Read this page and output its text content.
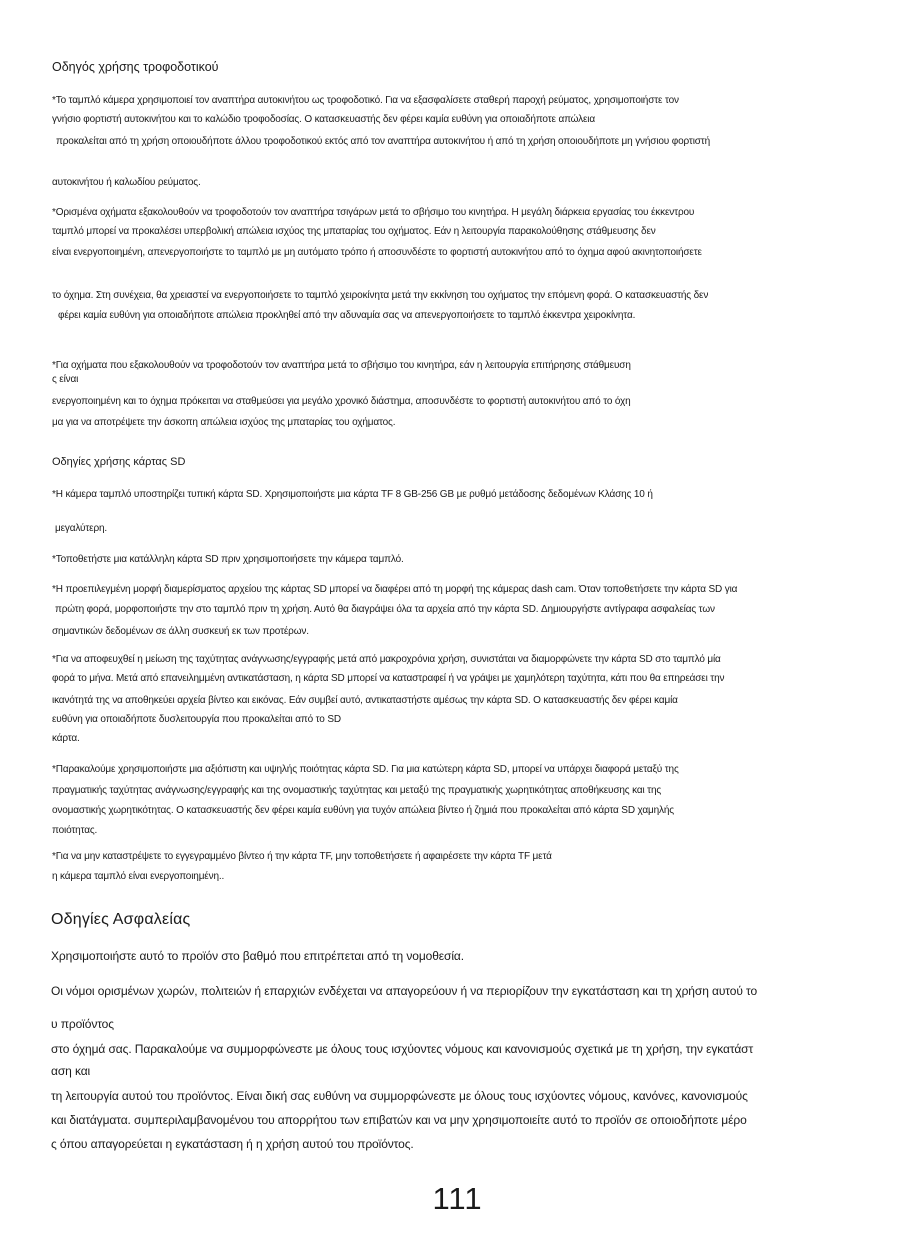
Οδηγός χρήσης τροφοδοτικού
*Το ταμπλό κάμερα χρησιμοποιεί τον αναπτήρα αυτοκινήτου ως τροφοδοτικό. Για να εξασφαλίσετε σταθερή παροχή ρεύματος, χρησιμοποιήστε τον
γνήσιο φορτιστή αυτοκινήτου και το καλώδιο τροφοδοσίας. Ο κατασκευαστής δεν φέρει καμία ευθύνη για οποιαδήποτε απώλεια
προκαλείται από τη χρήση οποιουδήποτε άλλου τροφοδοτικού εκτός από τον αναπτήρα αυτοκινήτου ή από τη χρήση οποιουδήποτε μη γνήσιου φορτιστή
αυτοκινήτου ή καλωδίου ρεύματος.
*Ορισμένα οχήματα εξακολουθούν να τροφοδοτούν τον αναπτήρα τσιγάρων μετά το σβήσιμο του κινητήρα. Η μεγάλη διάρκεια εργασίας του έκκεντρου
ταμπλό μπορεί να προκαλέσει υπερβολική απώλεια ισχύος της μπαταρίας του οχήματος. Εάν η λειτουργία παρακολούθησης στάθμευσης δεν
είναι ενεργοποιημένη, απενεργοποιήστε το ταμπλό με μη αυτόματο τρόπο ή αποσυνδέστε το φορτιστή αυτοκινήτου από το όχημα αφού ακινητοποιήσετε
το όχημα. Στη συνέχεια, θα χρειαστεί να ενεργοποιήσετε το ταμπλό χειροκίνητα μετά την εκκίνηση του οχήματος την επόμενη φορά. Ο κατασκευαστής δεν
φέρει καμία ευθύνη για οποιαδήποτε απώλεια προκληθεί από την αδυναμία σας να απενεργοποιήσετε το ταμπλό έκκεντρα χειροκίνητα.
*Για οχήματα που εξακολουθούν να τροφοδοτούν τον αναπτήρα μετά το σβήσιμο του κινητήρα, εάν η λειτουργία επιτήρησης στάθμευση
ς είναι
ενεργοποιημένη και το όχημα πρόκειται να σταθμεύσει για μεγάλο χρονικό διάστημα, αποσυνδέστε το φορτιστή αυτοκινήτου από το όχη
μα για να αποτρέψετε την άσκοπη απώλεια ισχύος της μπαταρίας του οχήματος.
Οδηγίες χρήσης κάρτας SD
*Η κάμερα ταμπλό υποστηρίζει τυπική κάρτα SD. Χρησιμοποιήστε μια κάρτα TF 8 GB-256 GB με ρυθμό μετάδοσης δεδομένων Κλάσης 10 ή
μεγαλύτερη.
*Τοποθετήστε μια κατάλληλη κάρτα SD πριν χρησιμοποιήσετε την κάμερα ταμπλό.
*Η προεπιλεγμένη μορφή διαμερίσματος αρχείου της κάρτας SD μπορεί να διαφέρει από τη μορφή της κάμερας dash cam. Όταν τοποθετήσετε την κάρτα SD για
πρώτη φορά, μορφοποιήστε την στο ταμπλό πριν τη χρήση. Αυτό θα διαγράψει όλα τα αρχεία από την κάρτα SD. Δημιουργήστε αντίγραφα ασφαλείας των
σημαντικών δεδομένων σε άλλη συσκευή εκ των προτέρων.
*Για να αποφευχθεί η μείωση της ταχύτητας ανάγνωσης/εγγραφής μετά από μακροχρόνια χρήση, συνιστάται να διαμορφώνετε την κάρτα SD στο ταμπλό μία
φορά το μήνα. Μετά από επανειλημμένη αντικατάσταση, η κάρτα SD μπορεί να καταστραφεί ή να γράψει με χαμηλότερη ταχύτητα, κάτι που θα επηρεάσει την
ικανότητά της να αποθηκεύει αρχεία βίντεο και εικόνας. Εάν συμβεί αυτό, αντικαταστήστε αμέσως την κάρτα SD. Ο κατασκευαστής δεν φέρει καμία
ευθύνη για οποιαδήποτε δυσλειτουργία που προκαλείται από το SD
κάρτα.
*Παρακαλούμε χρησιμοποιήστε μια αξιόπιστη και υψηλής ποιότητας κάρτα SD. Για μια κατώτερη κάρτα SD, μπορεί να υπάρχει διαφορά μεταξύ της
πραγματικής ταχύτητας ανάγνωσης/εγγραφής και της ονομαστικής ταχύτητας και μεταξύ της πραγματικής χωρητικότητας αποθήκευσης και της
ονομαστικής χωρητικότητας. Ο κατασκευαστής δεν φέρει καμία ευθύνη για τυχόν απώλεια βίντεο ή ζημιά που προκαλείται από κάρτα SD χαμηλής
ποιότητας.
*Για να μην καταστρέψετε το εγγεγραμμένο βίντεο ή την κάρτα TF, μην τοποθετήσετε ή αφαιρέσετε την κάρτα TF μετά
η κάμερα ταμπλό είναι ενεργοποιημένη..
Οδηγίες Ασφαλείας
Χρησιμοποιήστε αυτό το προϊόν στο βαθμό που επιτρέπεται από τη νομοθεσία.
Οι νόμοι ορισμένων χωρών, πολιτειών ή επαρχιών ενδέχεται να απαγορεύουν ή να περιορίζουν την εγκατάσταση και τη χρήση αυτού το
υ προϊόντος
στο όχημά σας. Παρακαλούμε να συμμορφώνεστε με όλους τους ισχύοντες νόμους και κανονισμούς σχετικά με τη χρήση, την εγκατάστ
αση και
τη λειτουργία αυτού του προϊόντος. Είναι δική σας ευθύνη να συμμορφώνεστε με όλους τους ισχύοντες νόμους, κανόνες, κανονισμούς
και διατάγματα. συμπεριλαμβανομένου του απορρήτου των επιβατών και να μην χρησιμοποιείτε αυτό το προϊόν σε οποιοδήποτε μέρο
ς όπου απαγορεύεται η εγκατάσταση ή η χρήση αυτού του προϊόντος.
111
